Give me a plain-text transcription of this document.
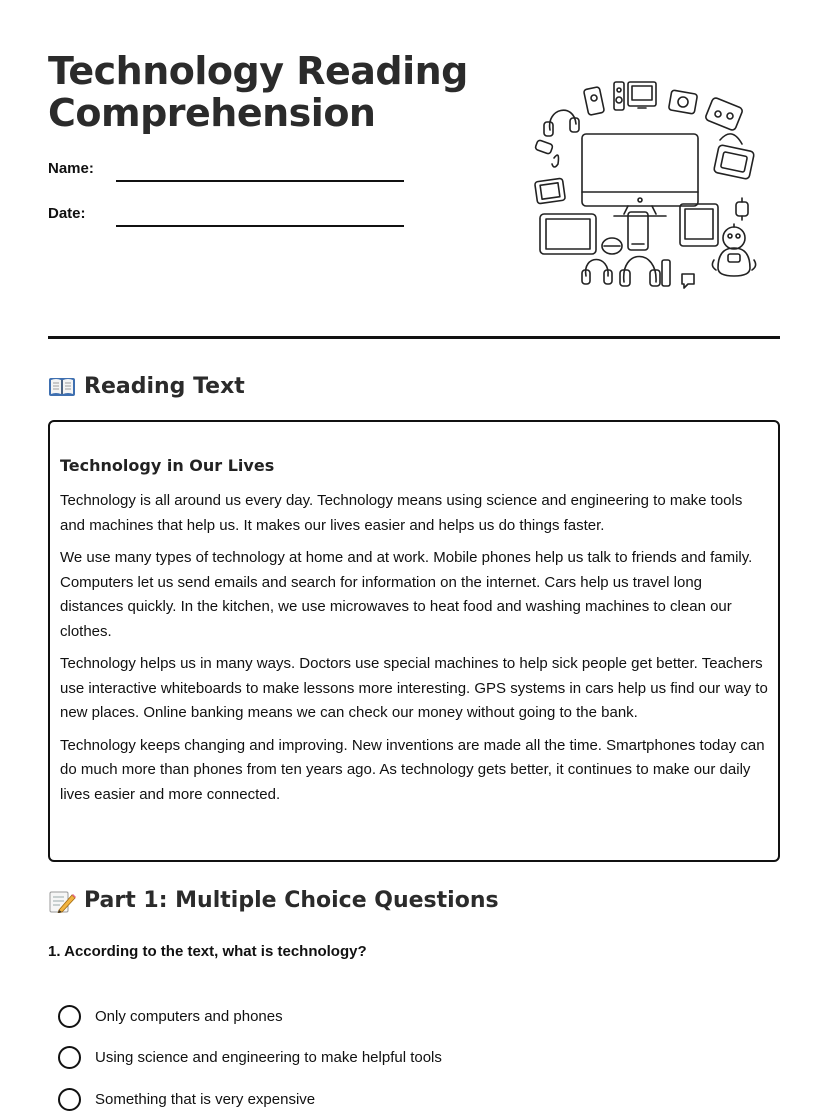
Technology Reading Comprehension
Name:
Date:
Reading Text
Technology in Our Lives

Technology is all around us every day. Technology means using science and engineering to make tools and machines that help us. It makes our lives easier and helps us do things faster.

We use many types of technology at home and at work. Mobile phones help us talk to friends and family. Computers let us send emails and search for information on the internet. Cars help us travel long distances quickly. In the kitchen, we use microwaves to heat food and washing machines to clean our clothes.

Technology helps us in many ways. Doctors use special machines to help sick people get better. Teachers use interactive whiteboards to make lessons more interesting. GPS systems in cars help us find our way to new places. Online banking means we can check our money without going to the bank.

Technology keeps changing and improving. New inventions are made all the time. Smartphones today can do much more than phones from ten years ago. As technology gets better, it continues to make our daily lives easier and more connected.

Part 1: Multiple Choice Questions

1. According to the text, what is technology?

Only computers and phones
Using science and engineering to make helpful tools
Something that is very expensive
